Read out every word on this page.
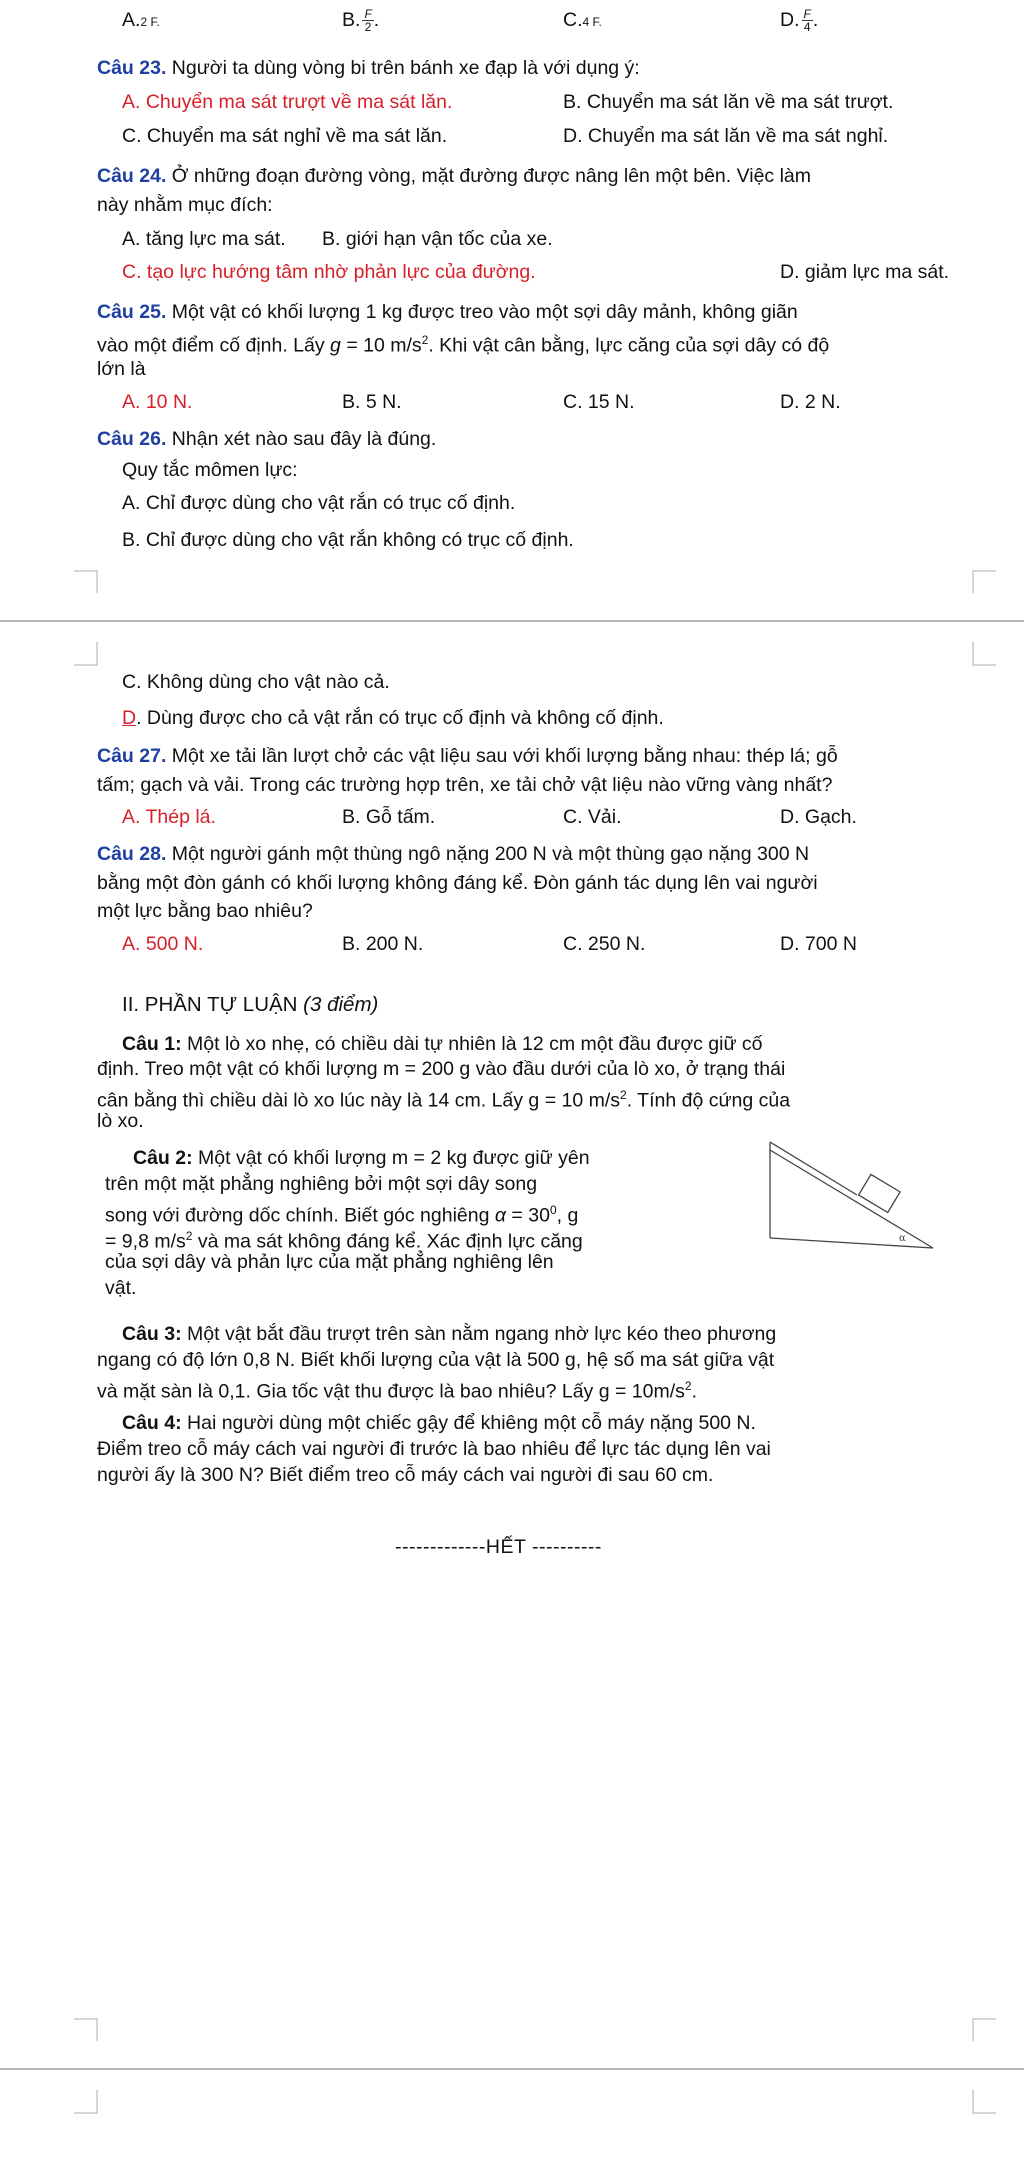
A.2 F.	B. $\frac{F}{2}$ .	C.4 F.	D. $\frac{F}{4}$ .
Câu 23. Người ta dùng vòng bi trên bánh xe đạp là với dụng ý:
A. Chuyển ma sát trượt về ma sát lăn.	B. Chuyển ma sát lăn về ma sát trượt.
C. Chuyển ma sát nghỉ về ma sát lăn.	D. Chuyển ma sát lăn về ma sát nghỉ.
Câu 24. Ở những đoạn đường vòng, mặt đường được nâng lên một bên. Việc làm
này nhằm mục đích:
A. tăng lực ma sát. B. giới hạn vận tốc của xe.
C. tạo lực hướng tâm nhờ phản lực của đường.	D. giảm lực ma sát.
Câu 25. Một vật có khối lượng 1 kg được treo vào một sợi dây mảnh, không giãn
vào một điểm cố định. Lấy g = 10 $m/s^2$. Khi vật cân bằng, lực căng của sợi dây có độ
lớn là
A. 10 N.	B. 5 N.	C. 15 N.	D. 2 N.
Câu 26. Nhận xét nào sau đây là đúng.
Quy tắc mômen lực:
A. Chỉ được dùng cho vật rắn có trục cố định.
B. Chỉ được dùng cho vật rắn không có trục cố định.
C. Không dùng cho vật nào cả.
D. Dùng được cho cả vật rắn có trục cố định và không cố định.
Câu 27. Một xe tải lần lượt chở các vật liệu sau với khối lượng bằng nhau: thép lá; gỗ
tấm; gạch và vải. Trong các trường hợp trên, xe tải chở vật liệu nào vững vàng nhất?
A. Thép lá.	B. Gỗ tấm.	C. Vải.	D. Gạch.
Câu 28. Một người gánh một thùng ngô nặng 200 N và một thùng gạo nặng 300 N
bằng một đòn gánh có khối lượng không đáng kể. Đòn gánh tác dụng lên vai người
một lực bằng bao nhiêu?
A. 500 N.	B. 200 N.	C. 250 N.	D. 700 N
II. PHẦN TỰ LUẬN (3 điểm)
Câu 1: Một lò xo nhẹ, có chiều dài tự nhiên là 12 cm một đầu được giữ cố
định. Treo một vật có khối lượng m = 200 g vào đầu dưới của lò xo, ở trạng thái
cân bằng thì chiều dài lò xo lúc này là 14 cm. Lấy g = 10 $m/s^2$. Tính độ cứng của
lò xo.
Câu 2: Một vật có khối lượng m = 2 kg được giữ yên
trên một mặt phẳng nghiêng bởi một sợi dây song
song với đường dốc chính. Biết góc nghiêng $\alpha = 30^0$, g
= 9,8 $m/s^2$ và ma sát không đáng kể. Xác định lực căng
của sợi dây và phản lực của mặt phẳng nghiêng lên
vật.
α
Câu 3: Một vật bắt đầu trượt trên sàn nằm ngang nhờ lực kéo theo phương
ngang có độ lớn 0,8 N. Biết khối lượng của vật là 500 g, hệ số ma sát giữa vật
và mặt sàn là 0,1. Gia tốc vật thu được là bao nhiêu? Lấy $g = 10m/s^2$.
Câu 4: Hai người dùng một chiếc gậy để khiêng một cỗ máy nặng 500 N.
Điểm treo cỗ máy cách vai người đi trước là bao nhiêu để lực tác dụng lên vai
người ấy là 300 N? Biết điểm treo cỗ máy cách vai người đi sau 60 cm.
-------------HẾT ----------
